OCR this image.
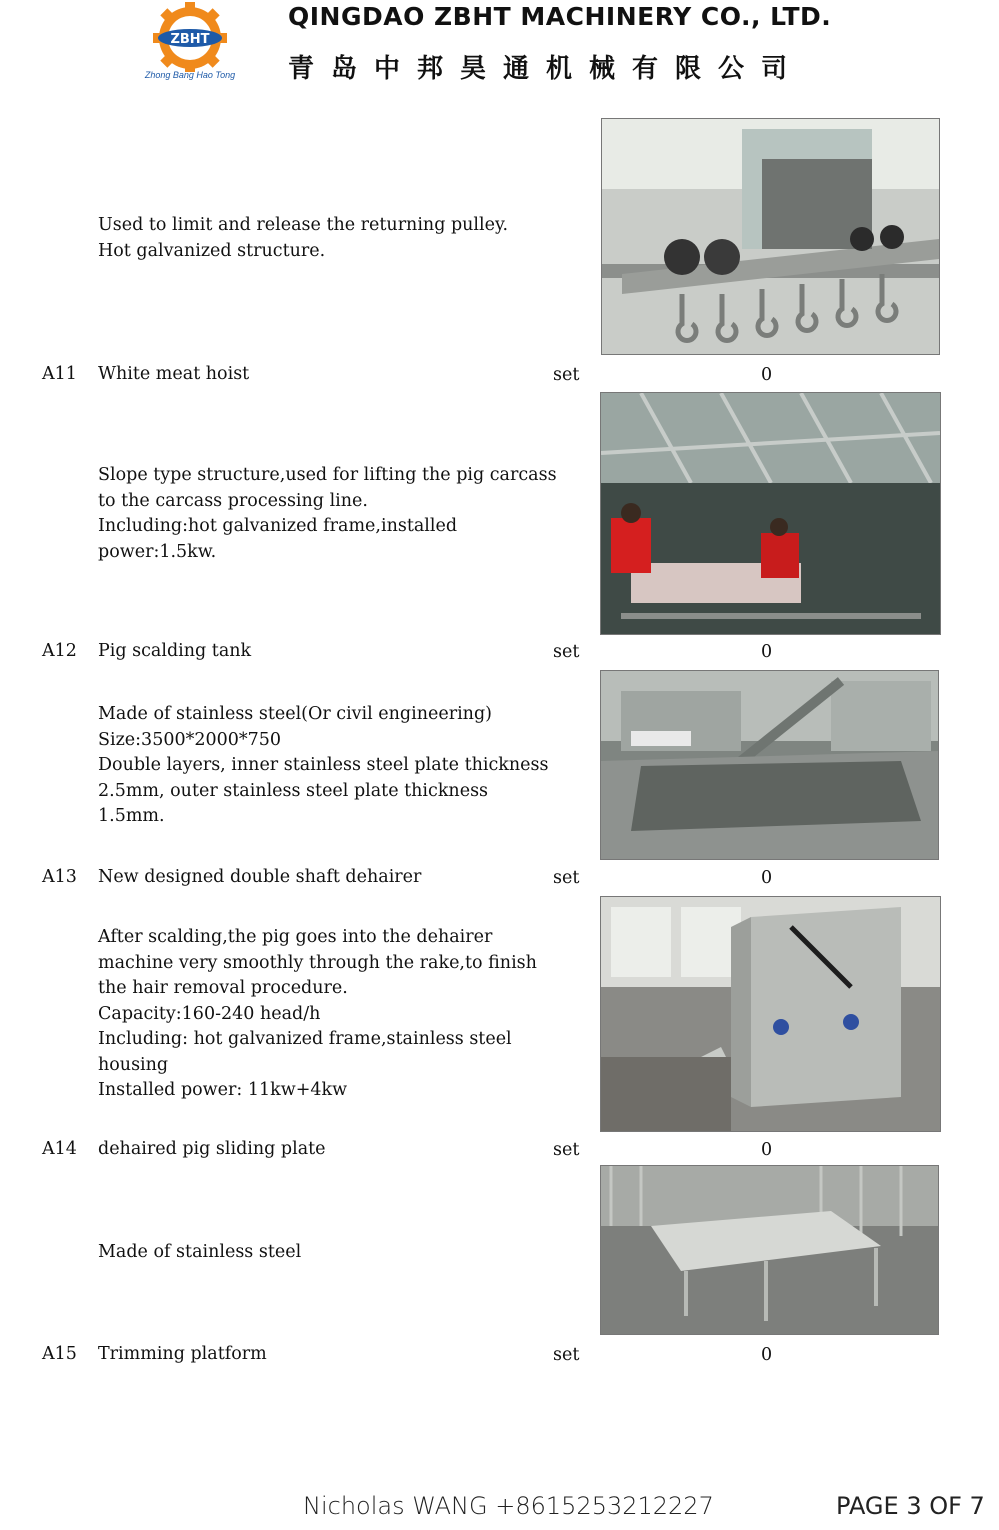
ZBHT
Zhong Bang Hao Tong
QINGDAO ZBHT MACHINERY CO., LTD.
青岛中邦昊通机械有限公司
Used to limit and release the returning pulley.
Hot galvanized structure.
A11 White meat hoist	set	0
Slope type structure,used for lifting the pig carcass
to the carcass processing line.
Including:hot galvanized frame,installed
power:1.5kw.
A12 Pig scalding tank	set	0
Made of stainless steel(Or civil engineering)
Size:3500*2000*750
Double layers, inner stainless steel plate thickness
2.5mm, outer stainless steel plate thickness
1.5mm.
A13 New designed double shaft dehairer	set	0
After scalding,the pig goes into the dehairer
machine very smoothly through the rake,to finish
the hair removal procedure.
Capacity:160-240 head/h
Including: hot galvanized frame,stainless steel
housing
Installed power: 11kw+4kw
A14 dehaired pig sliding plate	set	0
Made of stainless steel
A15 Trimming platform	set	0
Nicholas WANG +8615253212227	PAGE 3 OF 7
